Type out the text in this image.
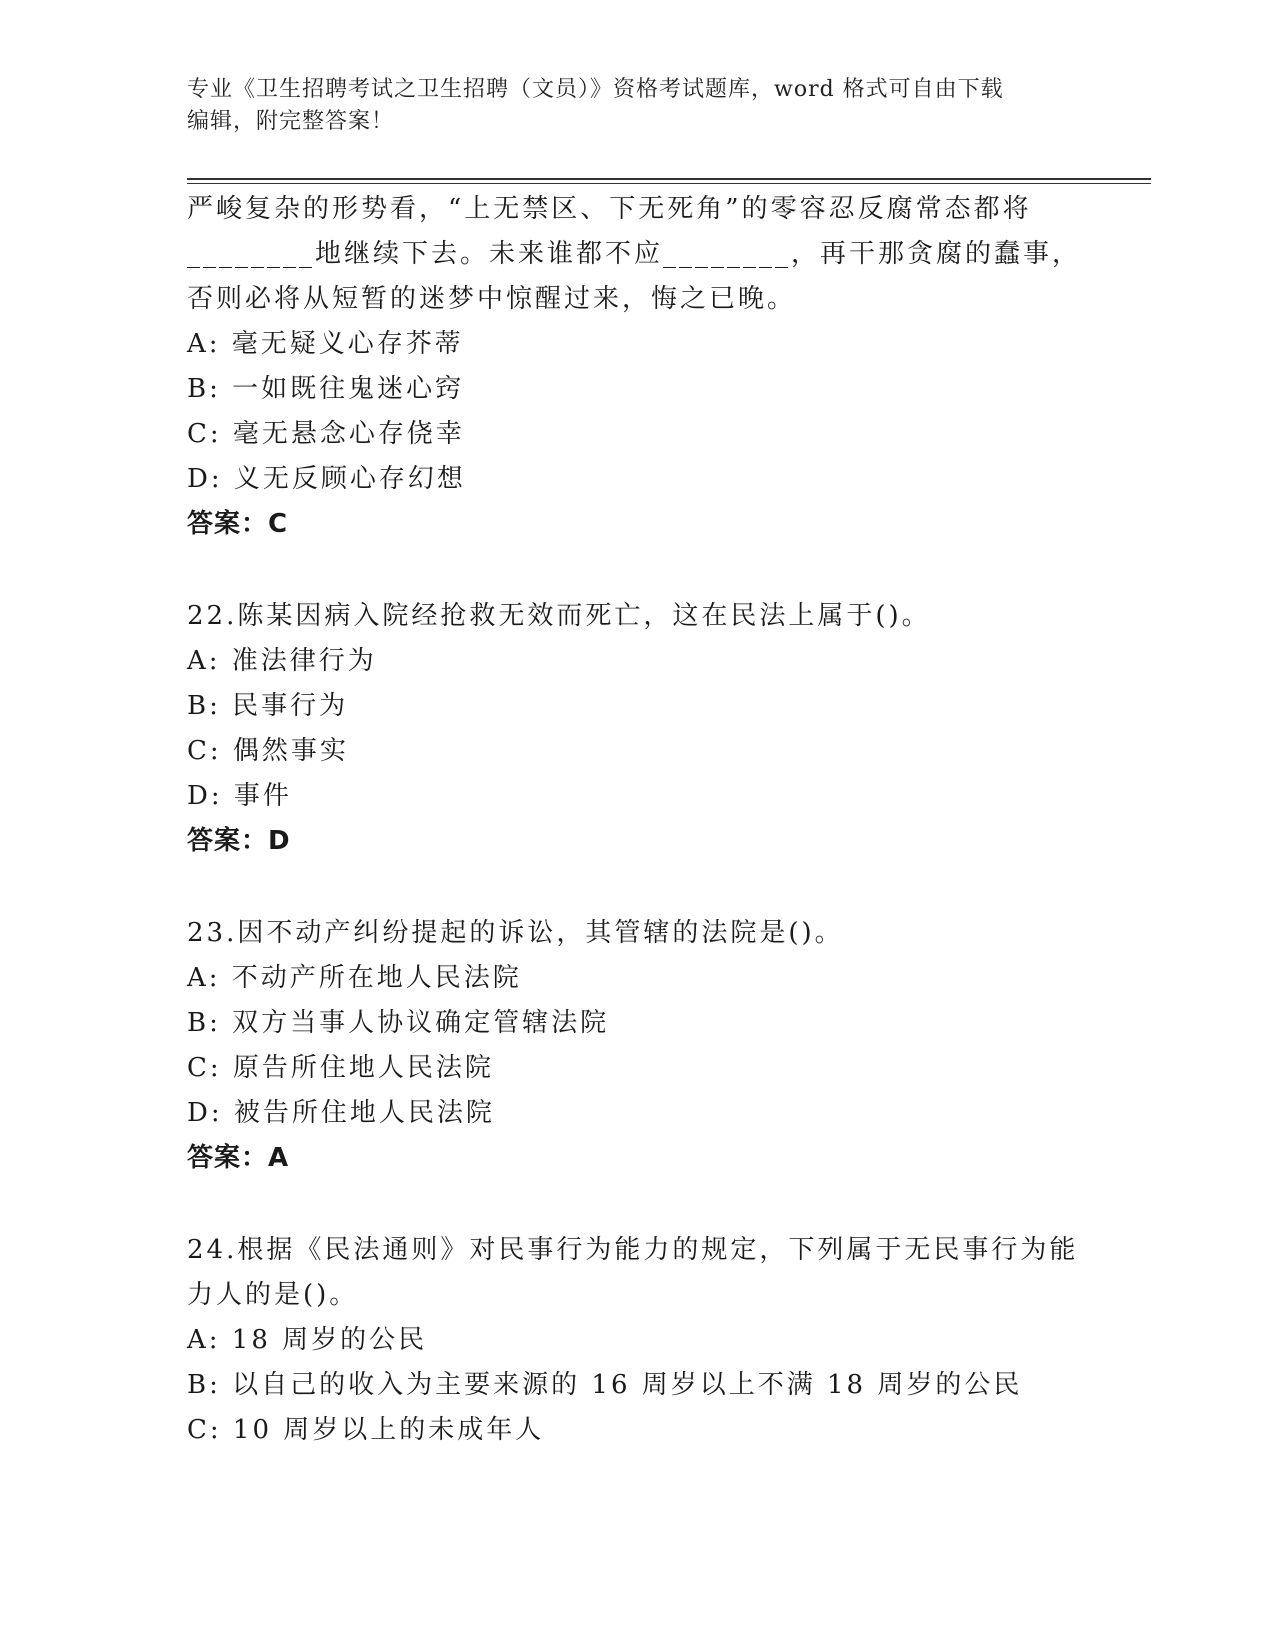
专业《卫生招聘考试之卫生招聘（文员）》资格考试题库，word 格式可自由下载
编辑，附完整答案！

严峻复杂的形势看，“上无禁区、下无死角”的零容忍反腐常态都将

________地继续下去。未来谁都不应________，再干那贪腐的蠢事，

否则必将从短暂的迷梦中惊醒过来，悔之已晚。

A: 毫无疑义心存芥蒂

B: 一如既往鬼迷心窍

C: 毫无悬念心存侥幸

D: 义无反顾心存幻想

答案：C

22.陈某因病入院经抢救无效而死亡，这在民法上属于()。

A: 准法律行为

B: 民事行为

C: 偶然事实

D: 事件

答案：D

23.因不动产纠纷提起的诉讼，其管辖的法院是()。

A: 不动产所在地人民法院

B: 双方当事人协议确定管辖法院

C: 原告所住地人民法院

D: 被告所住地人民法院

答案：A

24.根据《民法通则》对民事行为能力的规定，下列属于无民事行为能

力人的是()。

A: 18 周岁的公民

B: 以自己的收入为主要来源的 16 周岁以上不满 18 周岁的公民

C: 10 周岁以上的未成年人
